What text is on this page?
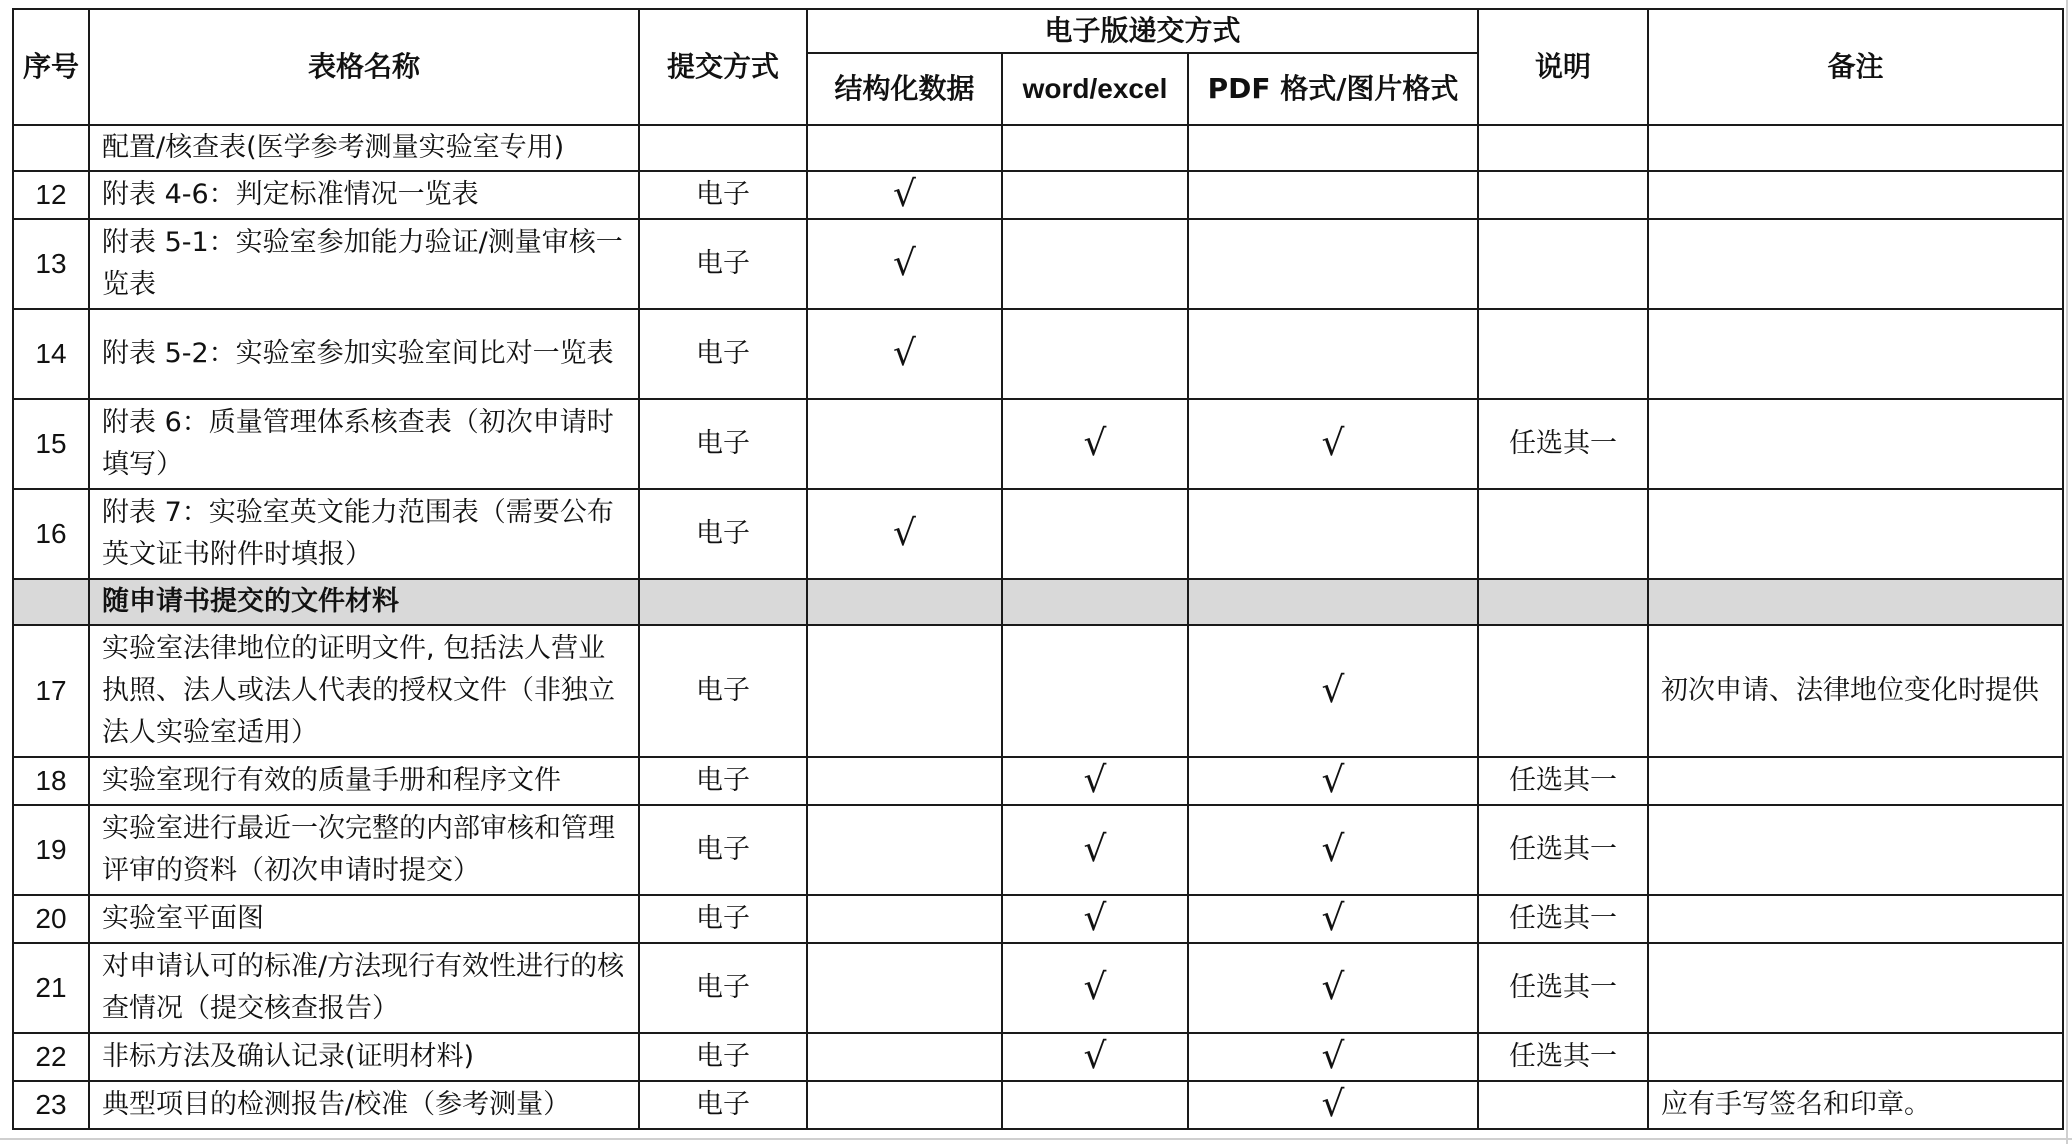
序号	表格名称	提交方式	电子版递交方式			说明	备注
			结构化数据	word/excel	PDF 格式/图片格式		
	配置/核查表(医学参考测量实验室专用)						
12	附表 4-6：判定标准情况一览表	电子	√				
13	附表 5-1：实验室参加能力验证/测量审核一览表	电子	√				
14	附表 5-2：实验室参加实验室间比对一览表	电子	√				
15	附表 6：质量管理体系核查表（初次申请时填写）	电子		√	√	任选其一	
16	附表 7：实验室英文能力范围表（需要公布英文证书附件时填报）	电子	√				
	随申请书提交的文件材料						
17	实验室法律地位的证明文件, 包括法人营业执照、法人或法人代表的授权文件（非独立法人实验室适用）	电子			√		初次申请、法律地位变化时提供
18	实验室现行有效的质量手册和程序文件	电子		√	√	任选其一	
19	实验室进行最近一次完整的内部审核和管理评审的资料（初次申请时提交）	电子		√	√	任选其一	
20	实验室平面图	电子		√	√	任选其一	
21	对申请认可的标准/方法现行有效性进行的核查情况（提交核查报告）	电子		√	√	任选其一	
22	非标方法及确认记录(证明材料)	电子		√	√	任选其一	
23	典型项目的检测报告/校准（参考测量）	电子			√		应有手写签名和印章。
